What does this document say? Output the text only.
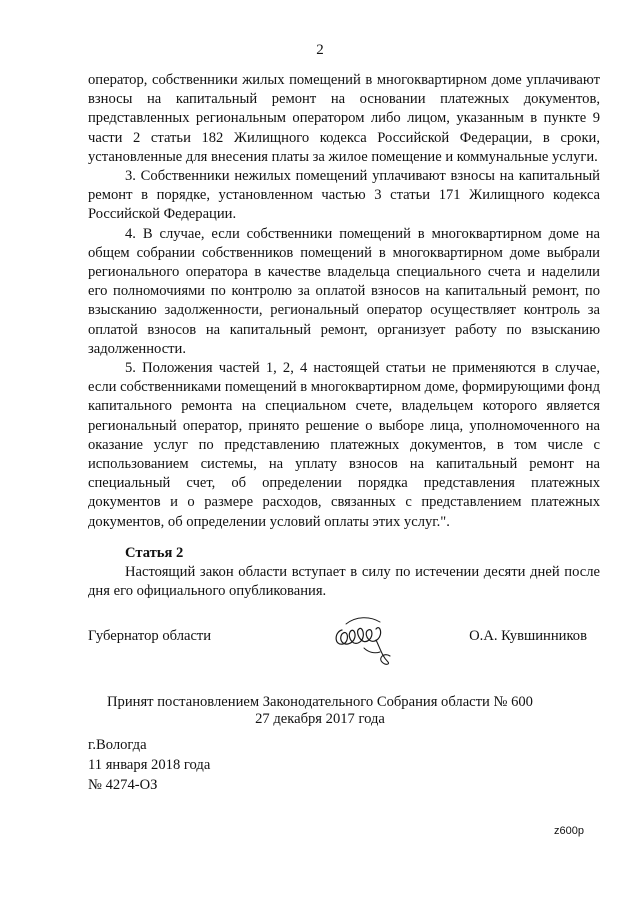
2

оператор, собственники жилых помещений в многоквартирном доме уплачивают взносы на капитальный ремонт на основании платежных документов, представленных региональным оператором либо лицом, указанным в пункте 9 части 2 статьи 182 Жилищного кодекса Российской Федерации, в сроки, установленные для внесения платы за жилое помещение и коммунальные услуги.

3. Собственники нежилых помещений уплачивают взносы на капитальный ремонт в порядке, установленном частью 3 статьи 171 Жилищного кодекса Российской Федерации.

4. В случае, если собственники помещений в многоквартирном доме на общем собрании собственников помещений в многоквартирном доме выбрали регионального оператора в качестве владельца специального счета и наделили его полномочиями по контролю за оплатой взносов на капитальный ремонт, по взысканию задолженности, региональный оператор осуществляет контроль за оплатой взносов на капитальный ремонт, организует работу по взысканию задолженности.

5. Положения частей 1, 2, 4 настоящей статьи не применяются в случае, если собственниками помещений в многоквартирном доме, формирующими фонд капитального ремонта на специальном счете, владельцем которого является региональный оператор, принято решение о выборе лица, уполномоченного на оказание услуг по представлению платежных документов, в том числе с использованием системы, на уплату взносов на капитальный ремонт на специальный счет, об определении порядка представления платежных документов и о размере расходов, связанных с представлением платежных документов, об определении условий оплаты этих услуг.".

Статья 2

Настоящий закон области вступает в силу по истечении десяти дней после дня его официального опубликования.

Губернатор области	О.А. Кувшинников
Принят постановлением Законодательного Собрания области № 600
27 декабря 2017 года
г.Вологда
11 января 2018 года
№ 4274-ОЗ
z600p
